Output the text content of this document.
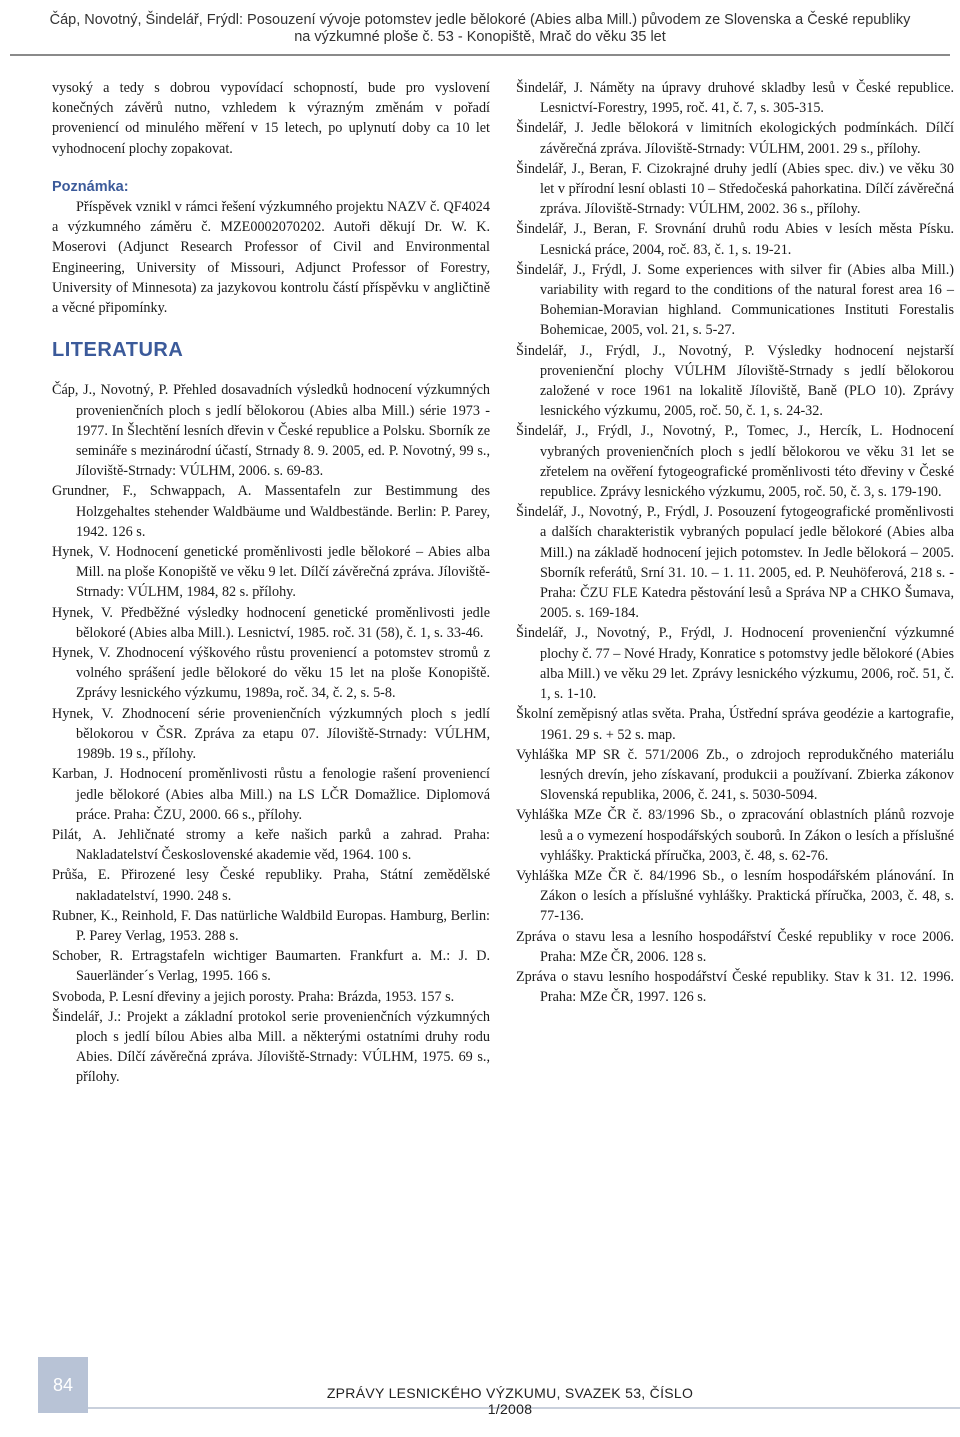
Čáp, Novotný, Šindelář, Frýdl: Posouzení vývoje potomstev jedle bělokoré (Abies alba Mill.) původem ze Slovenska a České republiky
na výzkumné ploše č. 53 - Konopiště, Mrač do věku 35 let

vysoký a tedy s dobrou vypovídací schopností, bude pro vyslovení konečných závěrů nutno, vzhledem k výrazným změnám v pořadí proveniencí od minulého měření v 15 letech, po uplynutí doby ca 10 let vyhodnocení plochy zopakovat.

Poznámka:

Příspěvek vznikl v rámci řešení výzkumného projektu NAZV č. QF4024 a výzkumného záměru č. MZE0002070202. Autoři děkují Dr. W. K. Moserovi (Adjunct Research Professor of Civil and Environmental Engineering, University of Missouri, Adjunct Professor of Forestry, University of Minnesota) za jazykovou kontrolu částí příspěvku v angličtině a věcné připomínky.

LITERATURA
Čáp, J., Novotný, P. Přehled dosavadních výsledků hodnocení výzkumných provenienčních ploch s jedlí bělokorou (Abies alba Mill.) série 1973 - 1977. In Šlechtění lesních dřevin v České republice a Polsku. Sborník ze semináře s mezinárodní účastí, Strnady 8. 9. 2005, ed. P. Novotný, 99 s., Jíloviště-Strnady: VÚLHM, 2006. s. 69-83.
Grundner, F., Schwappach, A. Massentafeln zur Bestimmung des Holzgehaltes stehender Waldbäume und Waldbestände. Berlin: P. Parey, 1942. 126 s.
Hynek, V. Hodnocení genetické proměnlivosti jedle bělokoré – Abies alba Mill. na ploše Konopiště ve věku 9 let. Dílčí závěrečná zpráva. Jíloviště-Strnady: VÚLHM, 1984, 82 s. přílohy.
Hynek, V. Předběžné výsledky hodnocení genetické proměnlivosti jedle bělokoré (Abies alba Mill.). Lesnictví, 1985. roč. 31 (58), č. 1, s. 33-46.
Hynek, V. Zhodnocení výškového růstu proveniencí a potomstev stromů z volného sprášení jedle bělokoré do věku 15 let na ploše Konopiště. Zprávy lesnického výzkumu, 1989a, roč. 34, č. 2, s. 5-8.
Hynek, V. Zhodnocení série provenienčních výzkumných ploch s jedlí bělokorou v ČSR. Zpráva za etapu 07. Jíloviště-Strnady: VÚLHM, 1989b. 19 s., přílohy.
Karban, J. Hodnocení proměnlivosti růstu a fenologie rašení proveniencí jedle bělokoré (Abies alba Mill.) na LS LČR Domažlice. Diplomová práce. Praha: ČZU, 2000. 66 s., přílohy.
Pilát, A. Jehličnaté stromy a keře našich parků a zahrad. Praha: Nakladatelství Československé akademie věd, 1964. 100 s.
Průša, E. Přirozené lesy České republiky. Praha, Státní zemědělské nakladatelství, 1990. 248 s.
Rubner, K., Reinhold, F. Das natürliche Waldbild Europas. Hamburg, Berlin: P. Parey Verlag, 1953. 288 s.
Schober, R. Ertragstafeln wichtiger Baumarten. Frankfurt a. M.: J. D. Sauerländer´s Verlag, 1995. 166 s.
Svoboda, P. Lesní dřeviny a jejich porosty. Praha: Brázda, 1953. 157 s.
Šindelář, J.: Projekt a základní protokol serie provenienčních výzkumných ploch s jedlí bílou Abies alba Mill. a některými ostatními druhy rodu Abies. Dílčí závěrečná zpráva. Jíloviště-Strnady: VÚLHM, 1975. 69 s., přílohy.
Šindelář, J. Náměty na úpravy druhové skladby lesů v České republice. Lesnictví-Forestry, 1995, roč. 41, č. 7, s. 305-315.
Šindelář, J. Jedle bělokorá v limitních ekologických podmínkách. Dílčí závěrečná zpráva. Jíloviště-Strnady: VÚLHM, 2001. 29 s., přílohy.
Šindelář, J., Beran, F. Cizokrajné druhy jedlí (Abies spec. div.) ve věku 30 let v přírodní lesní oblasti 10 – Středočeská pahorkatina. Dílčí závěrečná zpráva. Jíloviště-Strnady: VÚLHM, 2002. 36 s., přílohy.
Šindelář, J., Beran, F. Srovnání druhů rodu Abies v lesích města Písku. Lesnická práce, 2004, roč. 83, č. 1, s. 19-21.
Šindelář, J., Frýdl, J. Some experiences with silver fir (Abies alba Mill.) variability with regard to the conditions of the natural forest area 16 – Bohemian-Moravian highland. Communicationes Instituti Forestalis Bohemicae, 2005, vol. 21, s. 5-27.
Šindelář, J., Frýdl, J., Novotný, P. Výsledky hodnocení nejstarší provenienční plochy VÚLHM Jíloviště-Strnady s jedlí bělokorou založené v roce 1961 na lokalitě Jíloviště, Baně (PLO 10). Zprávy lesnického výzkumu, 2005, roč. 50, č. 1, s. 24-32.
Šindelář, J., Frýdl, J., Novotný, P., Tomec, J., Hercík, L. Hodnocení vybraných provenienčních ploch s jedlí bělokorou ve věku 31 let se zřetelem na ověření fytogeografické proměnlivosti této dřeviny v České republice. Zprávy lesnického výzkumu, 2005, roč. 50, č. 3, s. 179-190.
Šindelář, J., Novotný, P., Frýdl, J. Posouzení fytogeografické proměnlivosti a dalších charakteristik vybraných populací jedle bělokoré (Abies alba Mill.) na základě hodnocení jejich potomstev. In Jedle bělokorá – 2005. Sborník referátů, Srní 31. 10. – 1. 11. 2005, ed. P. Neuhöferová, 218 s. - Praha: ČZU FLE Katedra pěstování lesů a Správa NP a CHKO Šumava, 2005. s. 169-184.
Šindelář, J., Novotný, P., Frýdl, J. Hodnocení provenienční výzkumné plochy č. 77 – Nové Hrady, Konratice s potomstvy jedle bělokoré (Abies alba Mill.) ve věku 29 let. Zprávy lesnického výzkumu, 2006, roč. 51, č. 1, s. 1-10.
Školní zeměpisný atlas světa. Praha, Ústřední správa geodézie a kartografie, 1961. 29 s. + 52 s. map.
Vyhláška MP SR č. 571/2006 Zb., o zdrojoch reprodukčného materiálu lesných drevín, jeho získavaní, produkcii a používaní. Zbierka zákonov Slovenská republika, 2006, č. 241, s. 5030-5094.
Vyhláška MZe ČR č. 83/1996 Sb., o zpracování oblastních plánů rozvoje lesů a o vymezení hospodářských souborů. In Zákon o lesích a příslušné vyhlášky. Praktická příručka, 2003, č. 48, s. 62-76.
Vyhláška MZe ČR č. 84/1996 Sb., o lesním hospodářském plánování. In Zákon o lesích a příslušné vyhlášky. Praktická příručka, 2003, č. 48, s. 77-136.
Zpráva o stavu lesa a lesního hospodářství České republiky v roce 2006. Praha: MZe ČR, 2006. 128 s.
Zpráva o stavu lesního hospodářství České republiky. Stav k 31. 12. 1996. Praha: MZe ČR, 1997. 126 s.
84	ZPRÁVY LESNICKÉHO VÝZKUMU, SVAZEK 53, ČÍSLO 1/2008
